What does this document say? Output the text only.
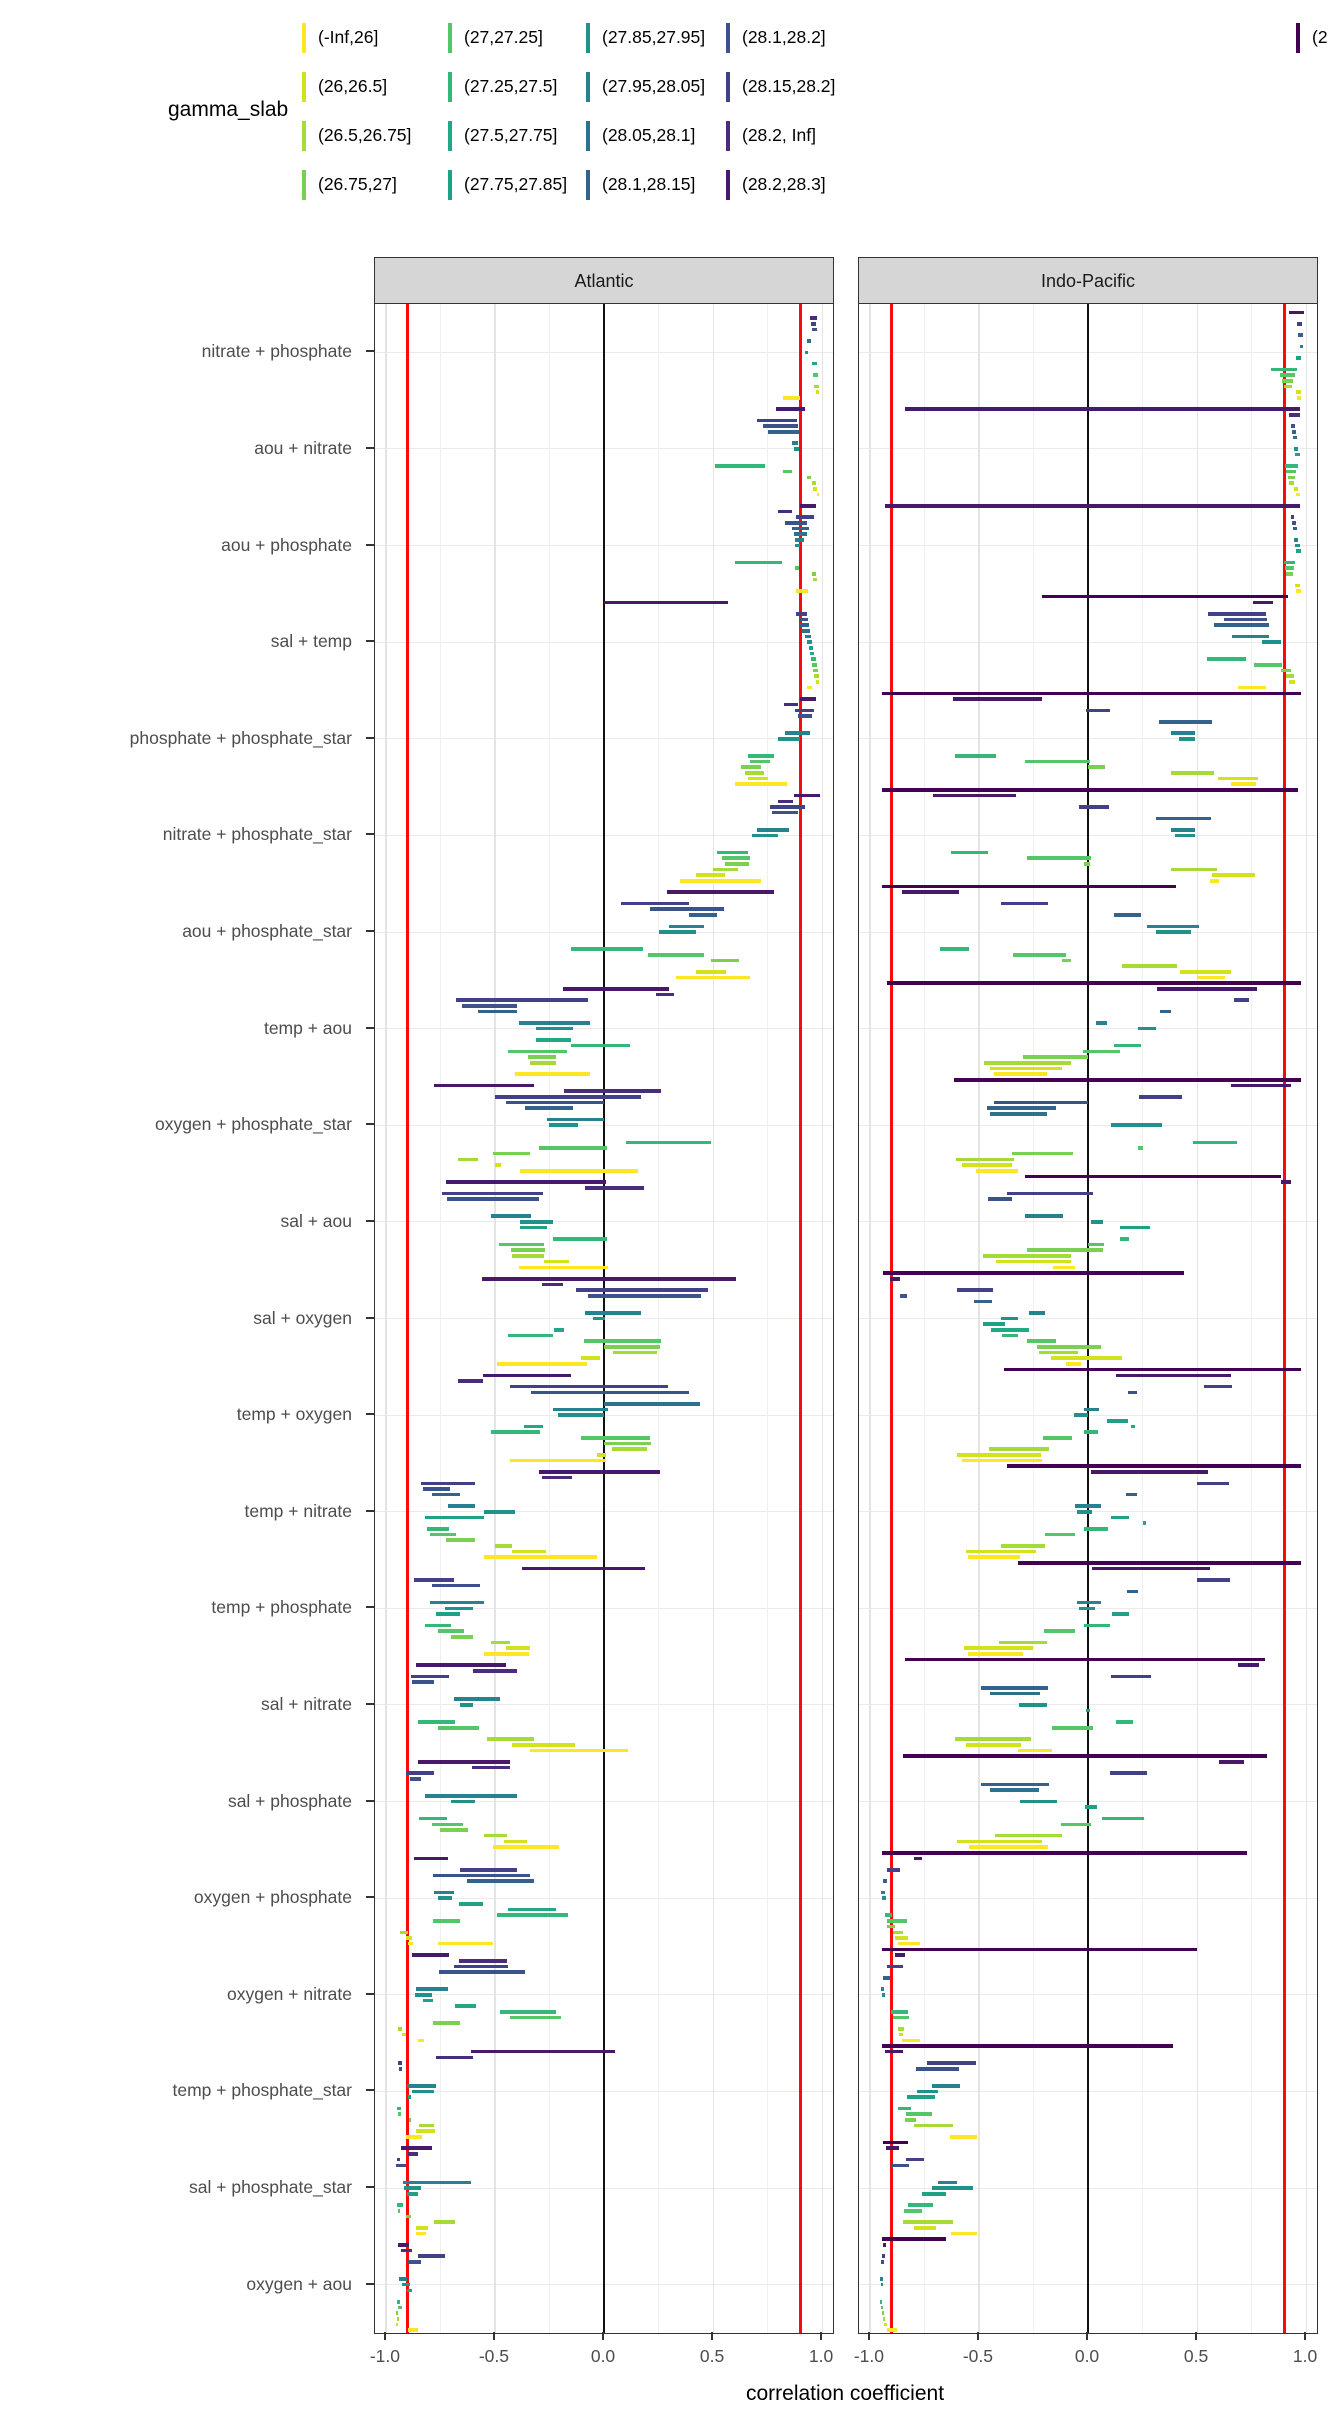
gamma_slab
(-Inf,26]
(26,26.5]
(26.5,26.75]
(26.75,27]
(27,27.25]
(27.25,27.5]
(27.5,27.75]
(27.75,27.85]
(27.85,27.95]
(27.95,28.05]
(28.05,28.1]
(28.1,28.15]
(28.1,28.2]
(28.15,28.2]
(28.2, Inf]
(28.2,28.3]
(2
Atlantic	Indo-Pacific
nitrate + phosphate
aou + nitrate
aou + phosphate
sal + temp
phosphate + phosphate_star
nitrate + phosphate_star
aou + phosphate_star
temp + aou
oxygen + phosphate_star
sal + aou
sal + oxygen
temp + oxygen
temp + nitrate
temp + phosphate
sal + nitrate
sal + phosphate
oxygen + phosphate
oxygen + nitrate
temp + phosphate_star
sal + phosphate_star
oxygen + aou
-1.0	-0.5	0.0	0.5	1.0 -1.0	-0.5	0.0	0.5	1.0
correlation coefficient
